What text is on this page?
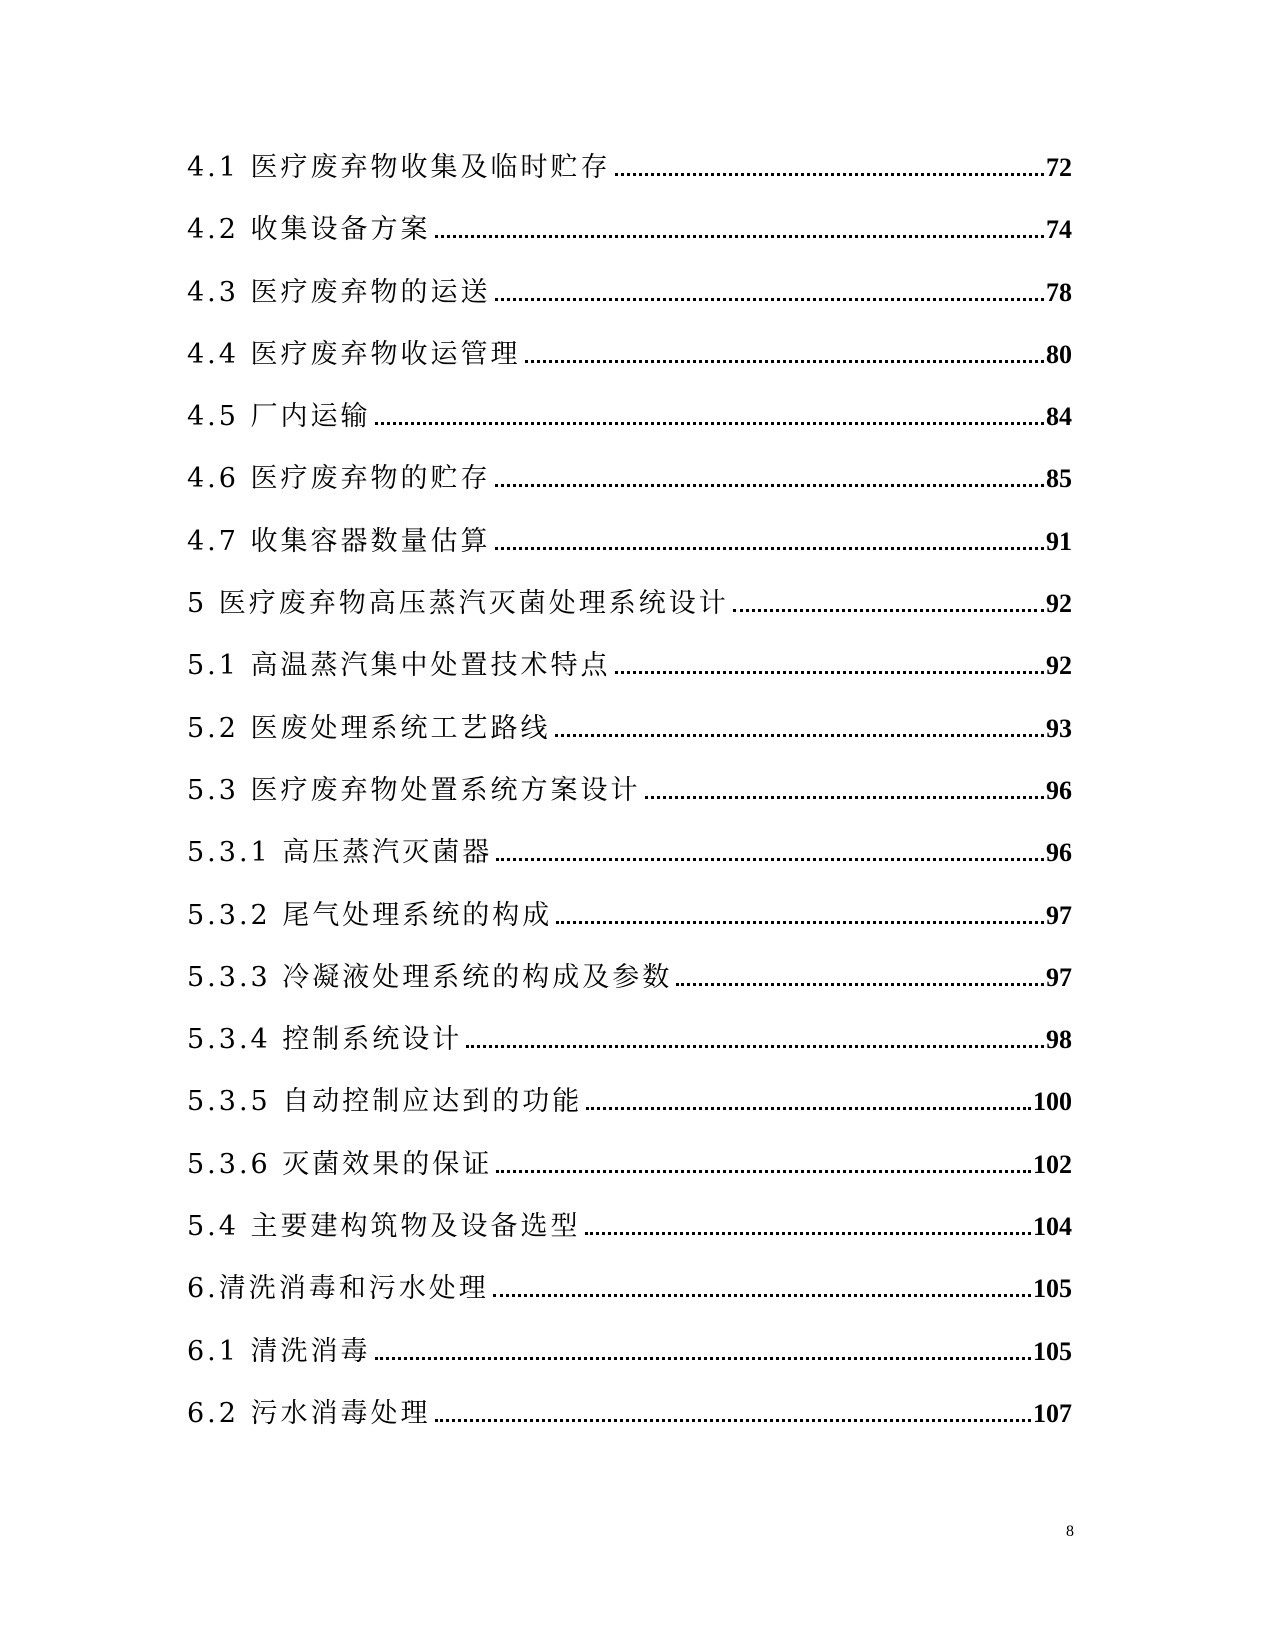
4.1 医疗废弃物收集及临时贮存	72
4.2 收集设备方案	74
4.3 医疗废弃物的运送	78
4.4 医疗废弃物收运管理	80
4.5 厂内运输	84
4.6 医疗废弃物的贮存	85
4.7 收集容器数量估算	91
5 医疗废弃物高压蒸汽灭菌处理系统设计	92
5.1 高温蒸汽集中处置技术特点	92
5.2 医废处理系统工艺路线	93
5.3 医疗废弃物处置系统方案设计	96
5.3.1 高压蒸汽灭菌器	96
5.3.2 尾气处理系统的构成	97
5.3.3 冷凝液处理系统的构成及参数	97
5.3.4 控制系统设计	98
5.3.5 自动控制应达到的功能	100
5.3.6 灭菌效果的保证	102
5.4 主要建构筑物及设备选型	104
6.清洗消毒和污水处理	105
6.1 清洗消毒	105
6.2 污水消毒处理	107
8
